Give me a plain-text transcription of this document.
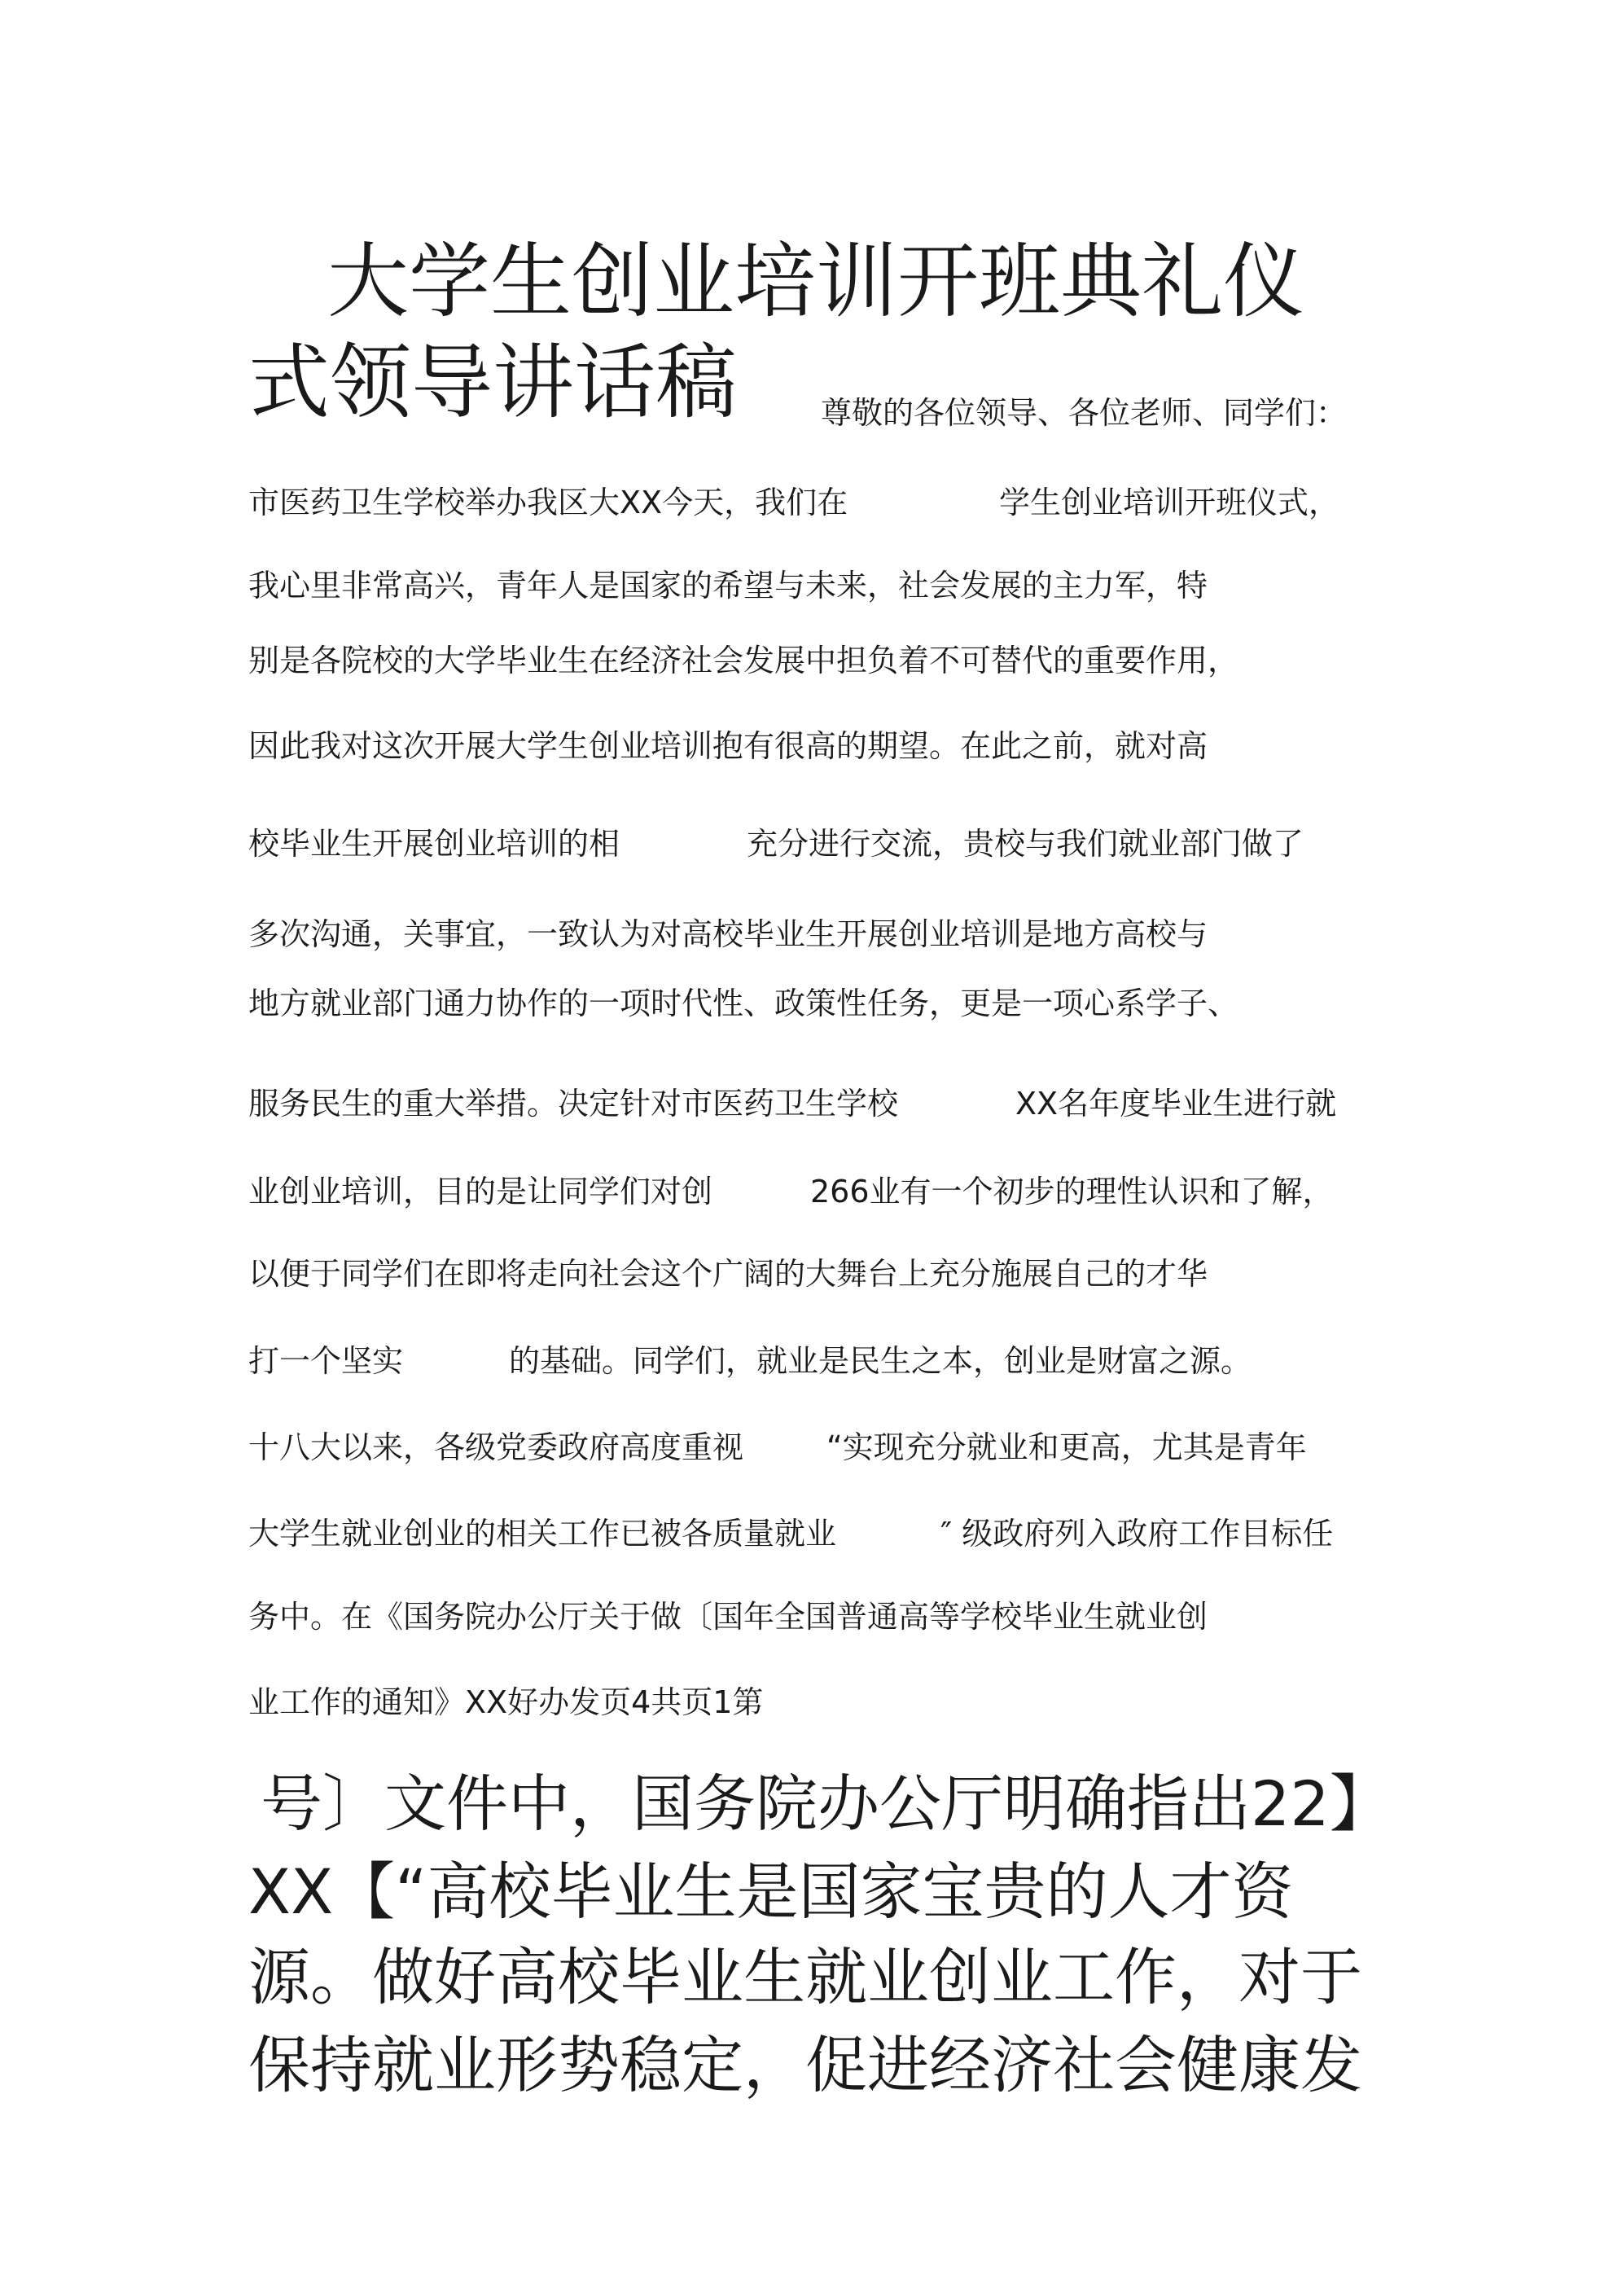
大学生创业培训开班典礼仪
式领导讲话稿	尊敬的各位领导、各位老师、同学们：
市医药卫生学校举办我区大XX今天，我们在	学生创业培训开班仪式，
我心里非常高兴，青年人是国家的希望与未来，社会发展的主力军，特
别是各院校的大学毕业生在经济社会发展中担负着不可替代的重要作用，
因此我对这次开展大学生创业培训抱有很高的期望。在此之前，就对高
校毕业生开展创业培训的相	充分进行交流，贵校与我们就业部门做了
多次沟通，关事宜，一致认为对高校毕业生开展创业培训是地方高校与
地方就业部门通力协作的一项时代性、政策性任务，更是一项心系学子、
服务民生的重大举措。决定针对市医药卫生学校	XX名年度毕业生进行就
业创业培训，目的是让同学们对创	266业有一个初步的理性认识和了解，
以便于同学们在即将走向社会这个广阔的大舞台上充分施展自己的才华
打一个坚实	的基础。同学们，就业是民生之本，创业是财富之源。
十八大以来，各级党委政府高度重视	“实现充分就业和更高，尤其是青年
大学生就业创业的相关工作已被各质量就业	″ 级政府列入政府工作目标任
务中。在《国务院办公厅关于做〔国年全国普通高等学校毕业生就业创
业工作的通知》XX好办发页4共页1第
号〕文件中，国务院办公厅明确指出22】
XX【“高校毕业生是国家宝贵的人才资
源。做好高校毕业生就业创业工作，对于
保持就业形势稳定，促进经济社会健康发
